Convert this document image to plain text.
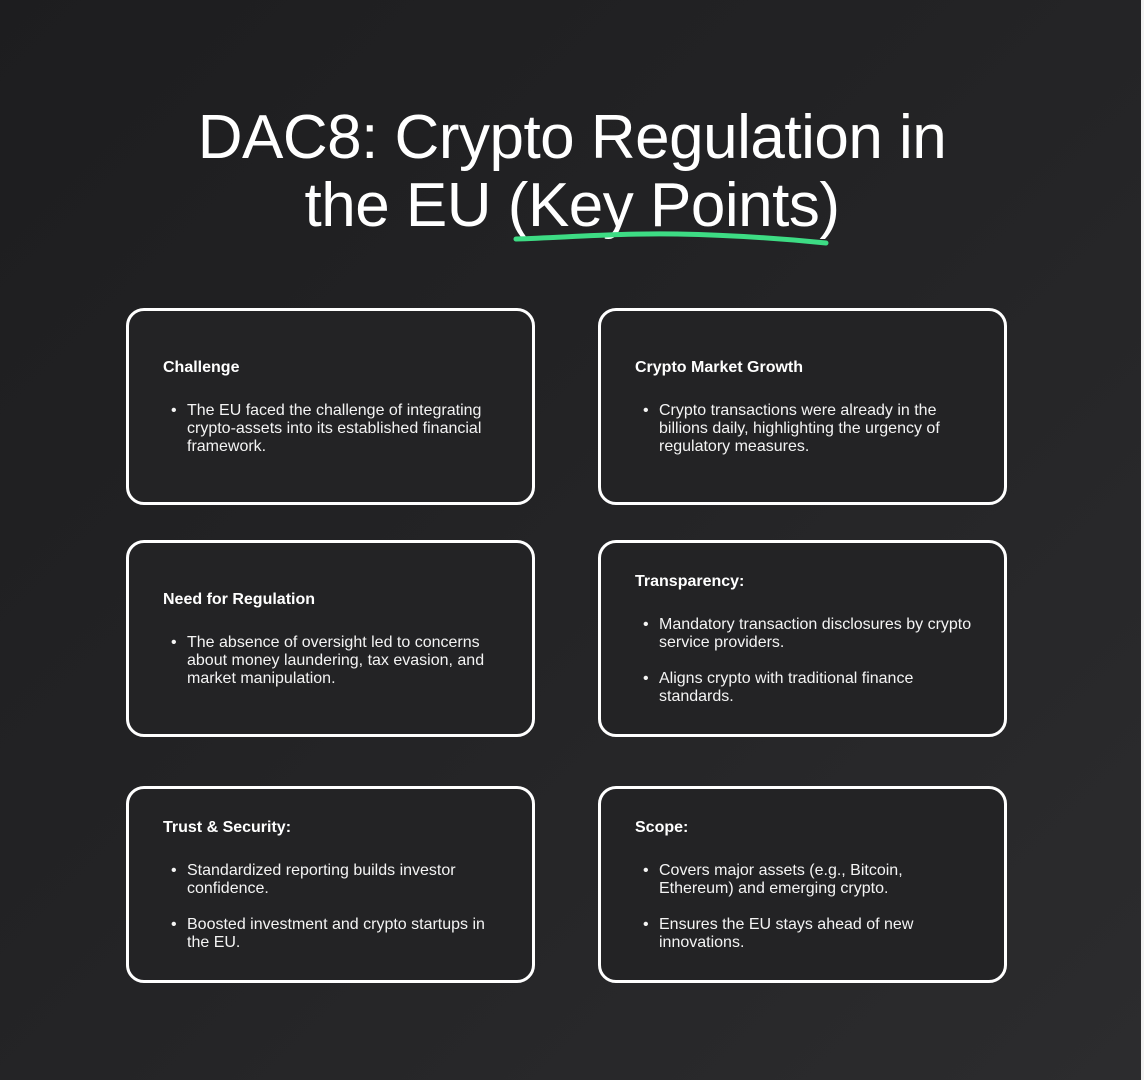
DAC8: Crypto Regulation in
the EU (Key Points)
Challenge
• The EU faced the challenge of integrating crypto-assets into its established financial framework.
Crypto Market Growth
• Crypto transactions were already in the billions daily, highlighting the urgency of regulatory measures.
Need for Regulation
• The absence of oversight led to concerns about money laundering, tax evasion, and market manipulation.
Transparency:
• Mandatory transaction disclosures by crypto service providers.
• Aligns crypto with traditional finance standards.
Trust & Security:
• Standardized reporting builds investor confidence.
• Boosted investment and crypto startups in the EU.
Scope:
• Covers major assets (e.g., Bitcoin, Ethereum) and emerging crypto.
• Ensures the EU stays ahead of new innovations.
